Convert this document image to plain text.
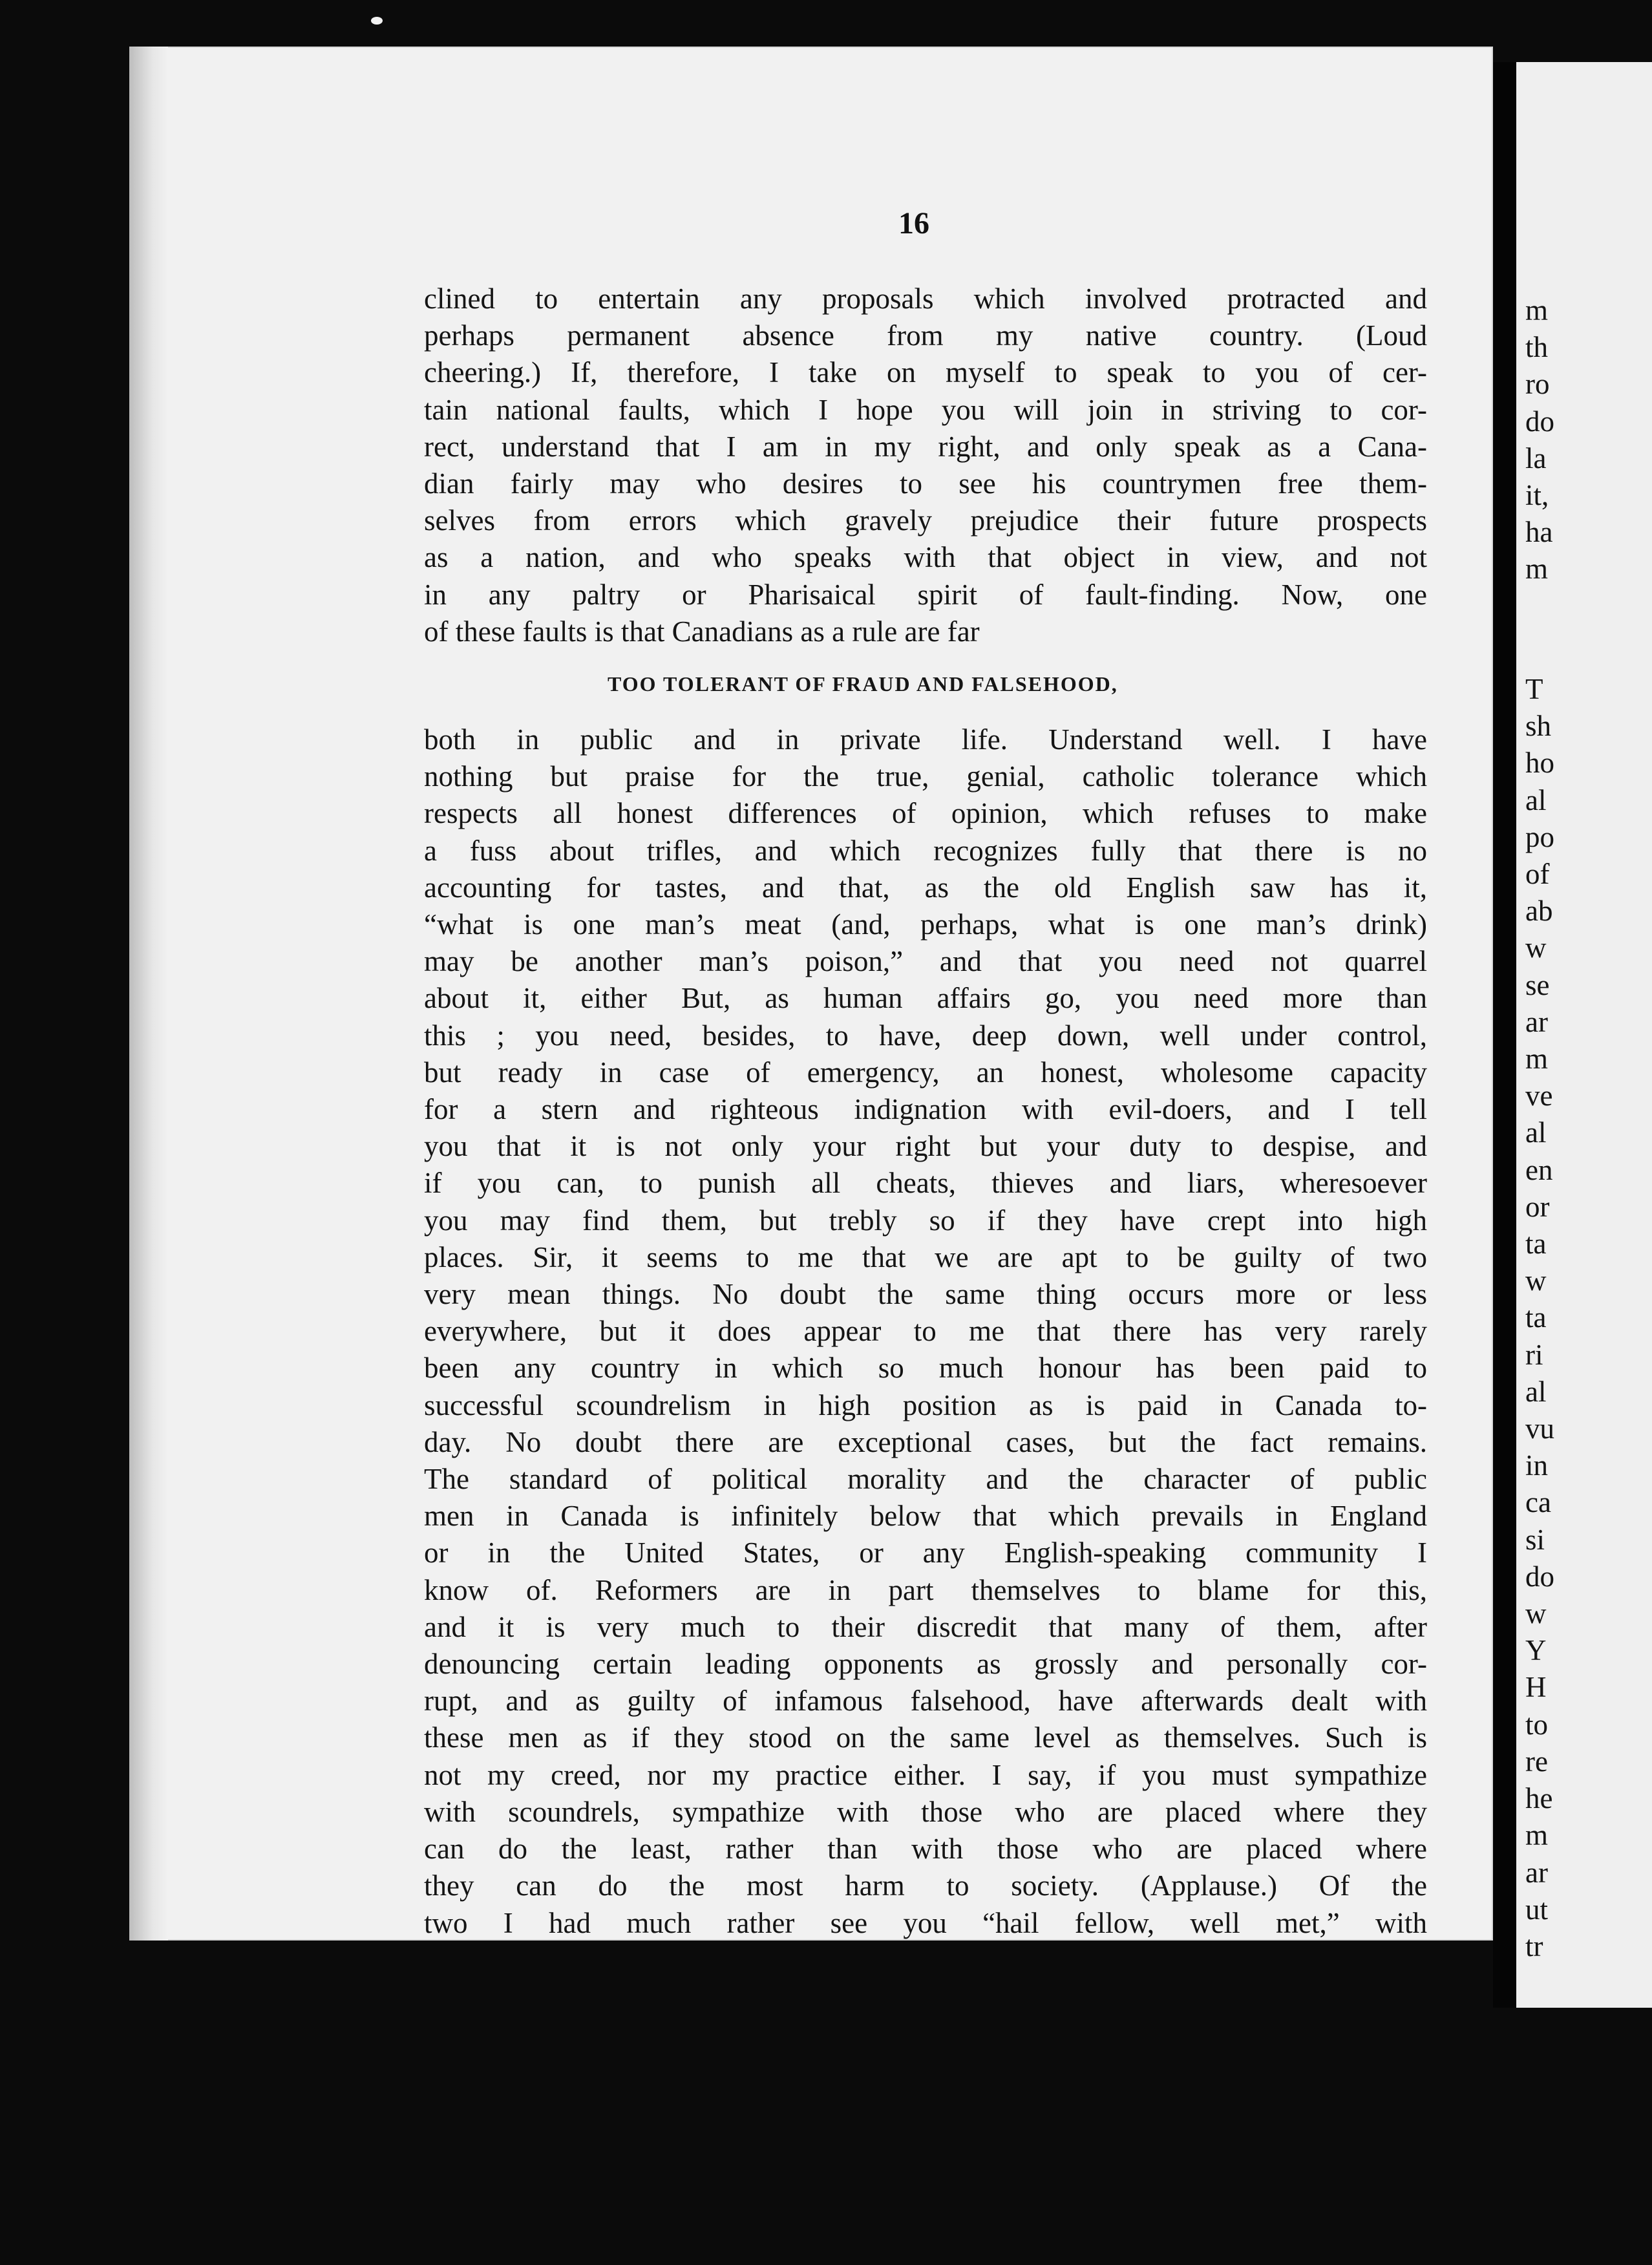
16
clined to entertain any proposals which involved protracted and
perhaps permanent absence from my native country. (Loud
cheering.) If, therefore, I take on myself to speak to you of cer-
tain national faults, which I hope you will join in striving to cor-
rect, understand that I am in my right, and only speak as a Cana-
dian fairly may who desires to see his countrymen free them-
selves from errors which gravely prejudice their future prospects
as a nation, and who speaks with that object in view, and not
in any paltry or Pharisaical spirit of fault-finding. Now, one
of these faults is that Canadians as a rule are far
TOO TOLERANT OF FRAUD AND FALSEHOOD,
both in public and in private life. Understand well. I have
nothing but praise for the true, genial, catholic tolerance which
respects all honest differences of opinion, which refuses to make
a fuss about trifles, and which recognizes fully that there is no
accounting for tastes, and that, as the old English saw has it,
“what is one man’s meat (and, perhaps, what is one man’s drink)
may be another man’s poison,” and that you need not quarrel
about it, either But, as human affairs go, you need more than
this ; you need, besides, to have, deep down, well under control,
but ready in case of emergency, an honest, wholesome capacity
for a stern and righteous indignation with evil-doers, and I tell
you that it is not only your right but your duty to despise, and
if you can, to punish all cheats, thieves and liars, wheresoever
you may find them, but trebly so if they have crept into high
places. Sir, it seems to me that we are apt to be guilty of two
very mean things. No doubt the same thing occurs more or less
everywhere, but it does appear to me that there has very rarely
been any country in which so much honour has been paid to
successful scoundrelism in high position as is paid in Canada to-
day. No doubt there are exceptional cases, but the fact remains.
The standard of political morality and the character of public
men in Canada is infinitely below that which prevails in England
or in the United States, or any English-speaking community I
know of. Reformers are in part themselves to blame for this,
and it is very much to their discredit that many of them, after
denouncing certain leading opponents as grossly and personally cor-
rupt, and as guilty of infamous falsehood, have afterwards dealt with
these men as if they stood on the same level as themselves. Such is
not my creed, nor my practice either. I say, if you must sympathize
with scoundrels, sympathize with those who are placed where they
can do the least, rather than with those who are placed where
they can do the most harm to society. (Applause.) Of the
two I had much rather see you “hail fellow, well met,” with
m
th
ro
do
la
it,
ha
m
T
sh
ho
al
po
of
ab
w
se
ar
m
ve
al
en
or
ta
w
ta
ri
al
vu
in
ca
si
do
w
Y
H
to
re
he
m
ar
ut
tr
